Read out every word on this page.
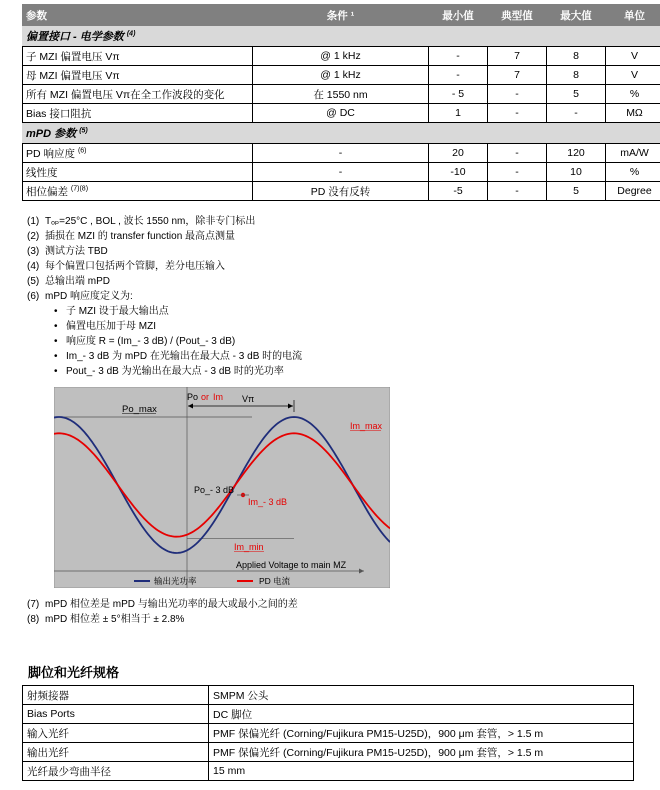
参数	条件 ¹	最小值	典型值	最大值	单位
偏置接口 - 电学参数 $^{(4)}$
子 MZI 偏置电压 Vπ	@ 1 kHz	-	7	8	V
母 MZI 偏置电压 Vπ	@ 1 kHz	-	7	8	V
所有 MZI 偏置电压 Vπ在全工作波段的变化	在 1550 nm	- 5	-	5	%
Bias 接口阻抗	@ DC	1	-	-	MΩ
mPD 参数 $^{(5)}$
PD 响应度 $^{(6)}$	-	20	-	120	mA/W
线性度	-	-10	-	10	%
相位偏差 $^{(7)(8)}$	PD 没有反转	-5	-	5	Degree
(1) Tₒₚ=25°C , BOL , 波长 1550 nm，除非专门标出
(2) 插损在 MZI 的 transfer function 最高点测量
(3) 测试方法 TBD
(4) 每个偏置口包括两个管脚，差分电压输入
(5) 总输出端 mPD
(6) mPD 响应度定义为:
• 子 MZI 设于最大输出点
• 偏置电压加于母 MZI
• 响应度 R = (Im_- 3 dB) / (Pout_- 3 dB)
• Im_- 3 dB 为 mPD 在光输出在最大点 - 3 dB 时的电流
• Pout_- 3 dB 为光输出在最大点 - 3 dB 时的光功率
Po_max
Po or Im Vπ
Im_max
Po_- 3 dB
Im_- 3 dB
Im_min
Applied Voltage to main MZ
输出光功率	PD 电流
(7) mPD 相位差是 mPD 与输出光功率的最大或最小之间的差
(8) mPD 相位差 ± 5°相当于 ± 2.8%
脚位和光纤规格
射频接器	SMPM 公头
Bias Ports	DC 脚位
输入光纤	PMF 保偏光纤 (Corning/Fujikura PM15-U25D)，900 μm 套管，> 1.5 m
输出光纤	PMF 保偏光纤 (Corning/Fujikura PM15-U25D)，900 μm 套管，> 1.5 m
光纤最少弯曲半径	15 mm
